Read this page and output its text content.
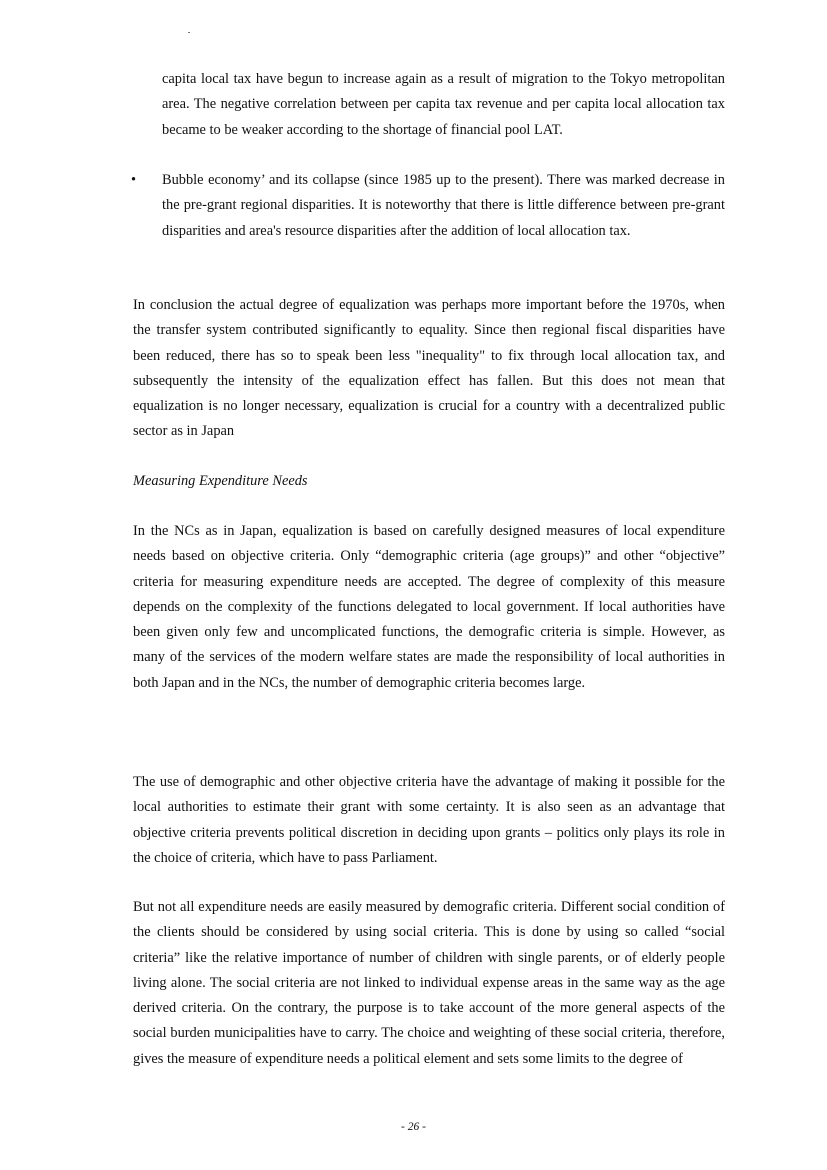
capita local tax have begun to increase again as a result of migration to the Tokyo metropolitan area. The negative correlation between per capita tax revenue and per capita local allocation tax became to be weaker according to the shortage of financial pool LAT.

• Bubble economy’ and its collapse (since 1985 up to the present). There was marked decrease in the pre-grant regional disparities. It is noteworthy that there is little difference between pre-grant disparities and area's resource disparities after the addition of local allocation tax.

In conclusion the actual degree of equalization was perhaps more important before the 1970s, when the transfer system contributed significantly to equality. Since then regional fiscal disparities have been reduced, there has so to speak been less "inequality" to fix through local allocation tax, and subsequently the intensity of the equalization effect has fallen. But this does not mean that equalization is no longer necessary, equalization is crucial for a country with a decentralized public sector as in Japan

Measuring Expenditure Needs

In the NCs as in Japan, equalization is based on carefully designed measures of local expenditure needs based on objective criteria. Only “demographic criteria (age groups)” and other “objective” criteria for measuring expenditure needs are accepted. The degree of complexity of this measure depends on the complexity of the functions delegated to local government. If local authorities have been given only few and uncomplicated functions, the demografic criteria is simple. However, as many of the services of the modern welfare states are made the responsibility of local authorities in both Japan and in the NCs, the number of demographic criteria becomes large.

The use of demographic and other objective criteria have the advantage of making it possible for the local authorities to estimate their grant with some certainty. It is also seen as an advantage that objective criteria prevents political discretion in deciding upon grants – politics only plays its role in the choice of criteria, which have to pass Parliament.

But not all expenditure needs are easily measured by demografic criteria. Different social condition of the clients should be considered by using social criteria. This is done by using so called “social criteria” like the relative importance of number of children with single parents, or of elderly people living alone. The social criteria are not linked to individual expense areas in the same way as the age derived criteria. On the contrary, the purpose is to take account of the more general aspects of the social burden municipalities have to carry. The choice and weighting of these social criteria, therefore, gives the measure of expenditure needs a political element and sets some limits to the degree of

- 26 -
